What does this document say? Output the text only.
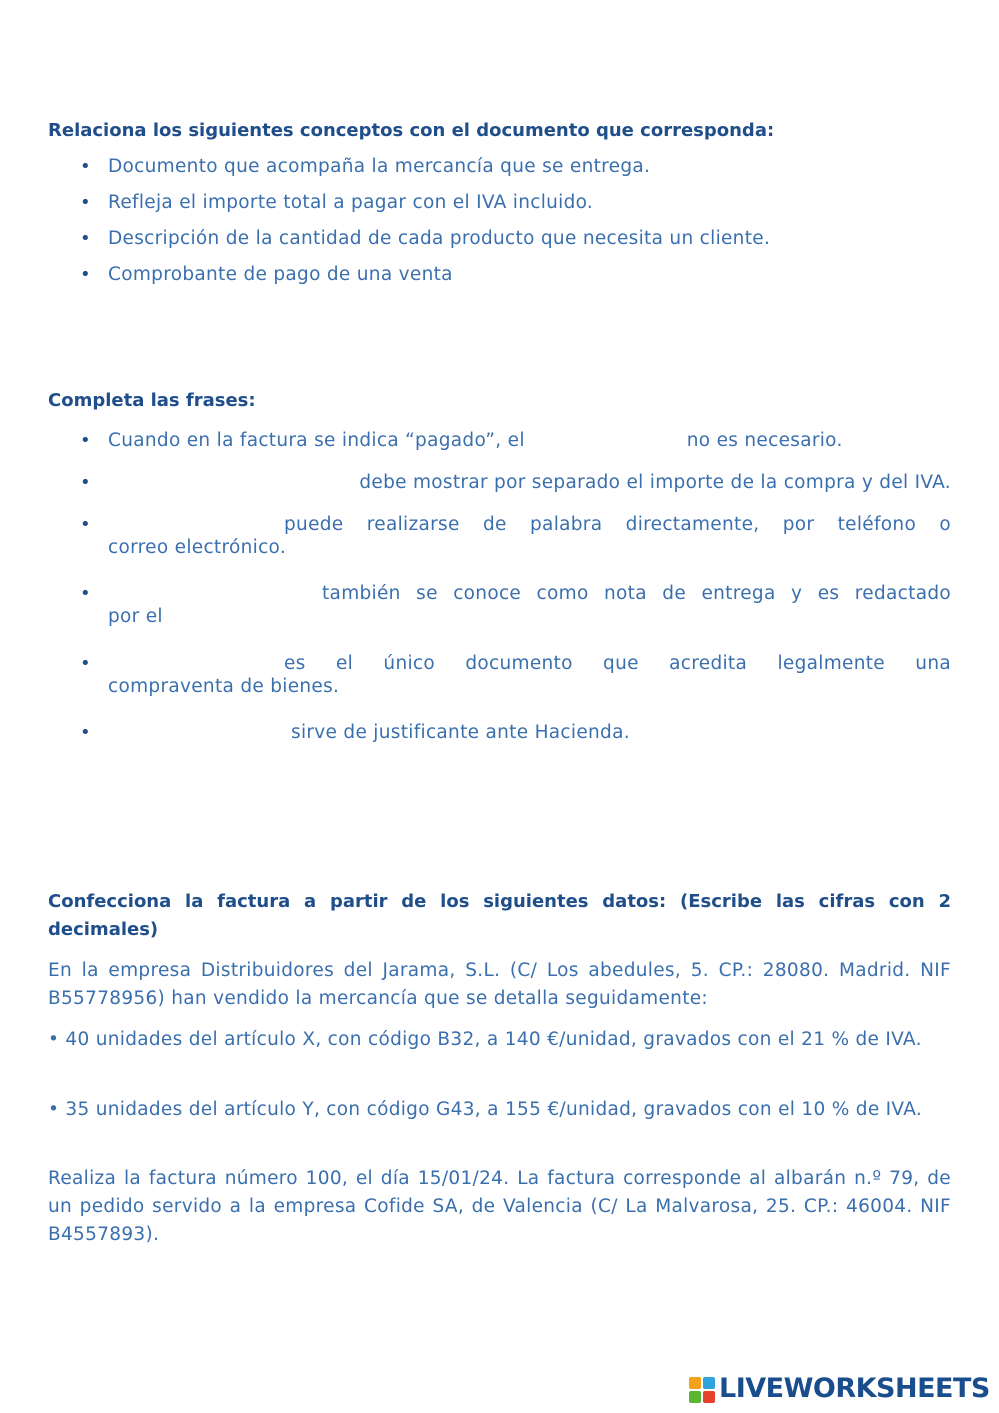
Relaciona los siguientes conceptos con el documento que corresponda:
• Documento que acompaña la mercancía que se entrega.
• Refleja el importe total a pagar con el IVA incluido.
• Descripción de la cantidad de cada producto que necesita un cliente.
• Comprobante de pago de una venta
Completa las frases:
• Cuando en la factura se indica “pagado”, el	no es necesario.
• debe mostrar por separado el importe de la compra y del IVA.
• puede realizarse de palabra directamente, por teléfono o
correo electrónico.
• también se conoce como nota de entrega y es redactado
por el
• es el único documento que acredita legalmente una
compraventa de bienes.
• sirve de justificante ante Hacienda.
Confecciona la factura a partir de los siguientes datos: (Escribe las cifras con 2 decimales)

En la empresa Distribuidores del Jarama, S.L. (C/ Los abedules, 5. CP.: 28080. Madrid. NIF B55778956) han vendido la mercancía que se detalla seguidamente:

• 40 unidades del artículo X, con código B32, a 140 €/unidad, gravados con el 21 % de IVA.

• 35 unidades del artículo Y, con código G43, a 155 €/unidad, gravados con el 10 % de IVA.

Realiza la factura número 100, el día 15/01/24. La factura corresponde al albarán n.º 79, de un pedido servido a la empresa Cofide SA, de Valencia (C/ La Malvarosa, 25. CP.: 46004. NIF B4557893).

LIVEWORKSHEETS
